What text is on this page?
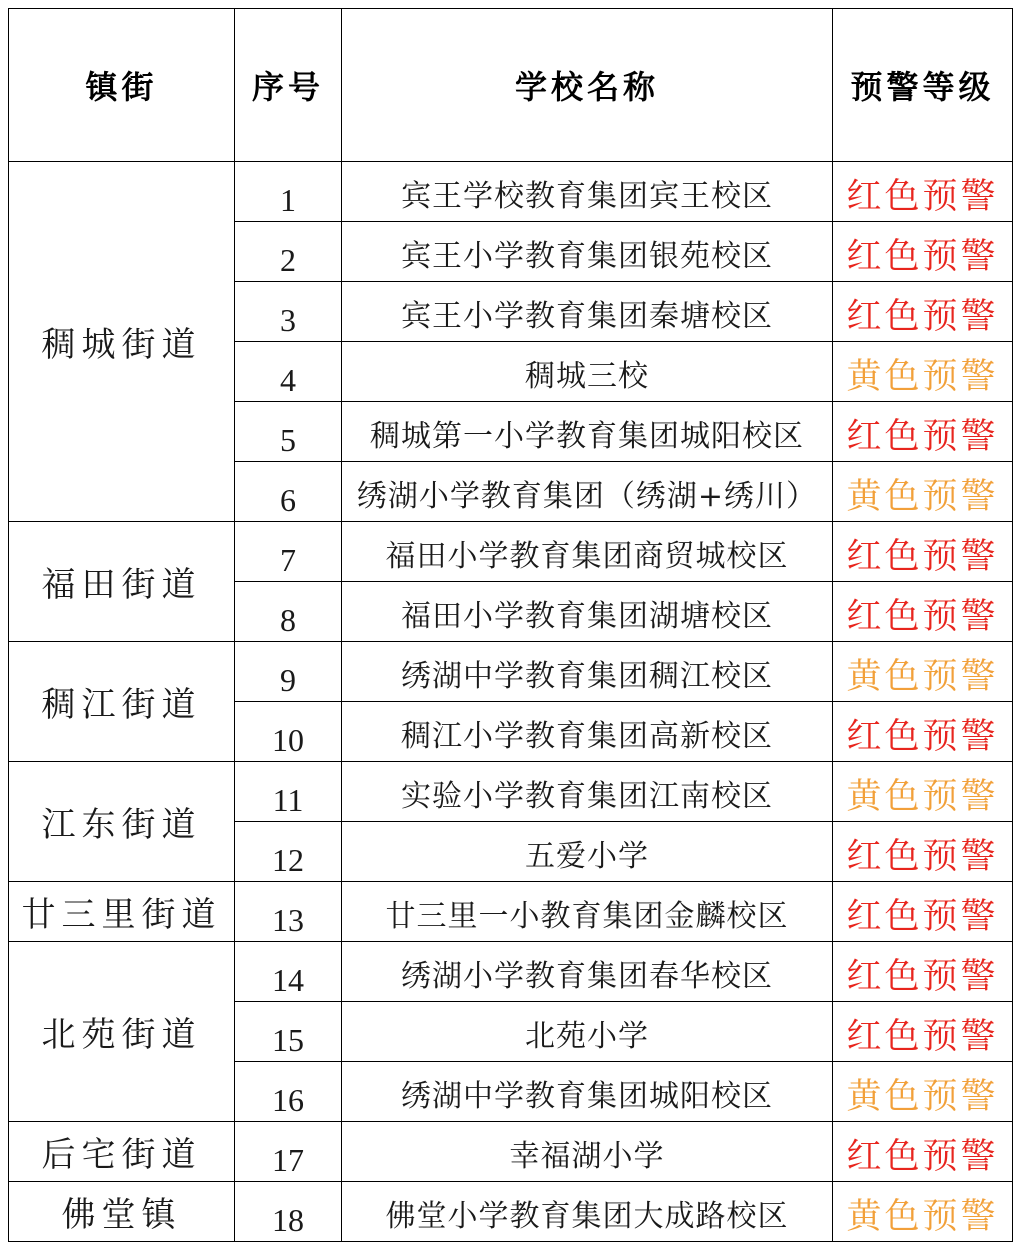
镇街	序号	学校名称	预警等级
稠城街道	1	宾王学校教育集团宾王校区	红色预警
	2	宾王小学教育集团银苑校区	红色预警
	3	宾王小学教育集团秦塘校区	红色预警
	4	稠城三校	黄色预警
	5	稠城第一小学教育集团城阳校区	红色预警
	6	绣湖小学教育集团（绣湖+绣川）	黄色预警
福田街道	7	福田小学教育集团商贸城校区	红色预警
	8	福田小学教育集团湖塘校区	红色预警
稠江街道	9	绣湖中学教育集团稠江校区	黄色预警
	10	稠江小学教育集团高新校区	红色预警
江东街道	11	实验小学教育集团江南校区	黄色预警
	12	五爱小学	红色预警
廿三里街道	13	廿三里一小教育集团金麟校区	红色预警
北苑街道	14	绣湖小学教育集团春华校区	红色预警
	15	北苑小学	红色预警
	16	绣湖中学教育集团城阳校区	黄色预警
后宅街道	17	幸福湖小学	红色预警
佛堂镇	18	佛堂小学教育集团大成路校区	黄色预警
